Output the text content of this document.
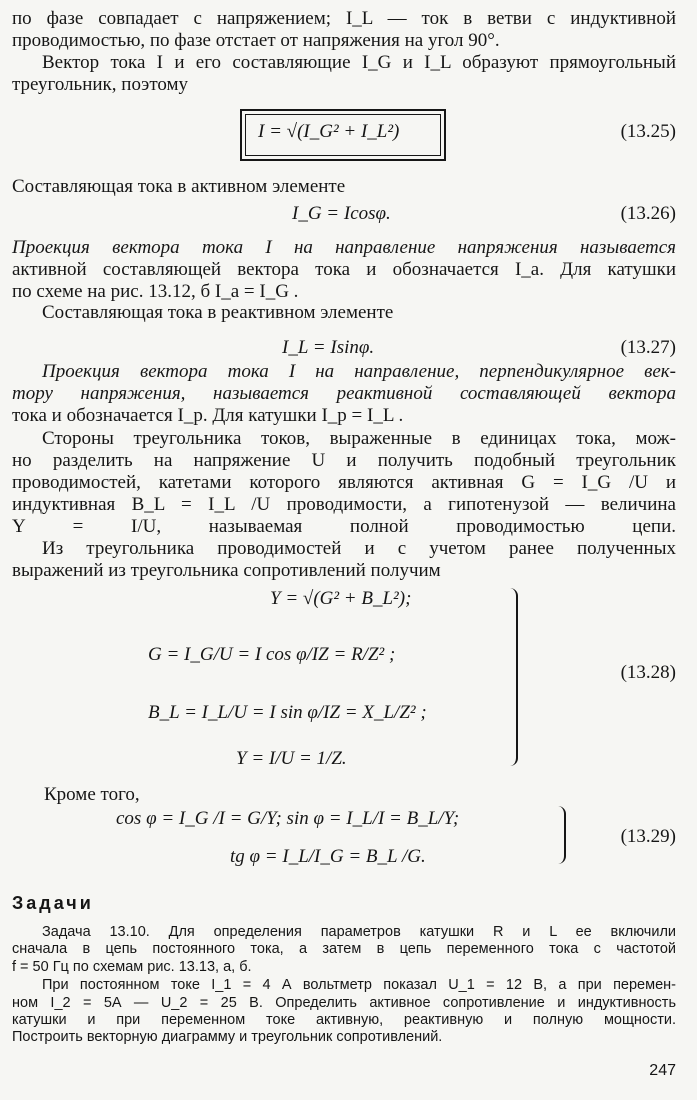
по фазе совпадает с напряжением; I_L — ток в ветви с индуктивной
проводимостью, по фазе отстает от напряжения на угол 90°.
Вектор тока I и его составляющие I_G и I_L образуют прямоугольный
треугольник, поэтому
I = √(I_G² + I_L²)	(13.25)
Составляющая тока в активном элементе
I_G = Icosφ.	(13.26)
Проекция вектора тока I на направление напряжения называется
активной составляющей вектора тока и обозначается I_а. Для катушки
по схеме на рис. 13.12, б I_а = I_G .
Составляющая тока в реактивном элементе
I_L = Isinφ.	(13.27)
Проекция вектора тока I на направление, перпендикулярное век-
тору напряжения, называется реактивной составляющей вектора
тока и обозначается I_р. Для катушки I_р = I_L .
Стороны треугольника токов, выраженные в единицах тока, мож-
но разделить на напряжение U и получить подобный треугольник
проводимостей, катетами которого являются активная G = I_G /U и
индуктивная B_L = I_L /U проводимости, а гипотенузой — величина
Y = I/U, называемая полной проводимостью цепи.
Из треугольника проводимостей и с учетом ранее полученных
выражений из треугольника сопротивлений получим
Y = √(G² + B_L²);
G = I_G/U = I cos φ/IZ = R/Z² ;
B_L = I_L/U = I sin φ/IZ = X_L/Z² ;
Y = I/U = 1/Z.
(13.28)
Кроме того,
cos φ = I_G /I = G/Y; sin φ = I_L/I = B_L/Y;
tg φ = I_L/I_G = B_L /G.
(13.29)
Задачи
Задача 13.10. Для определения параметров катушки R и L ее включили
сначала в цепь постоянного тока, а затем в цепь переменного тока с частотой
f = 50 Гц по схемам рис. 13.13, а, б.
При постоянном токе I_1 = 4 А вольтметр показал U_1 = 12 В, а при перемен-
ном I_2 = 5А — U_2 = 25 В. Определить активное сопротивление и индуктивность
катушки и при переменном токе активную, реактивную и полную мощности.
Построить векторную диаграмму и треугольник сопротивлений.
247
